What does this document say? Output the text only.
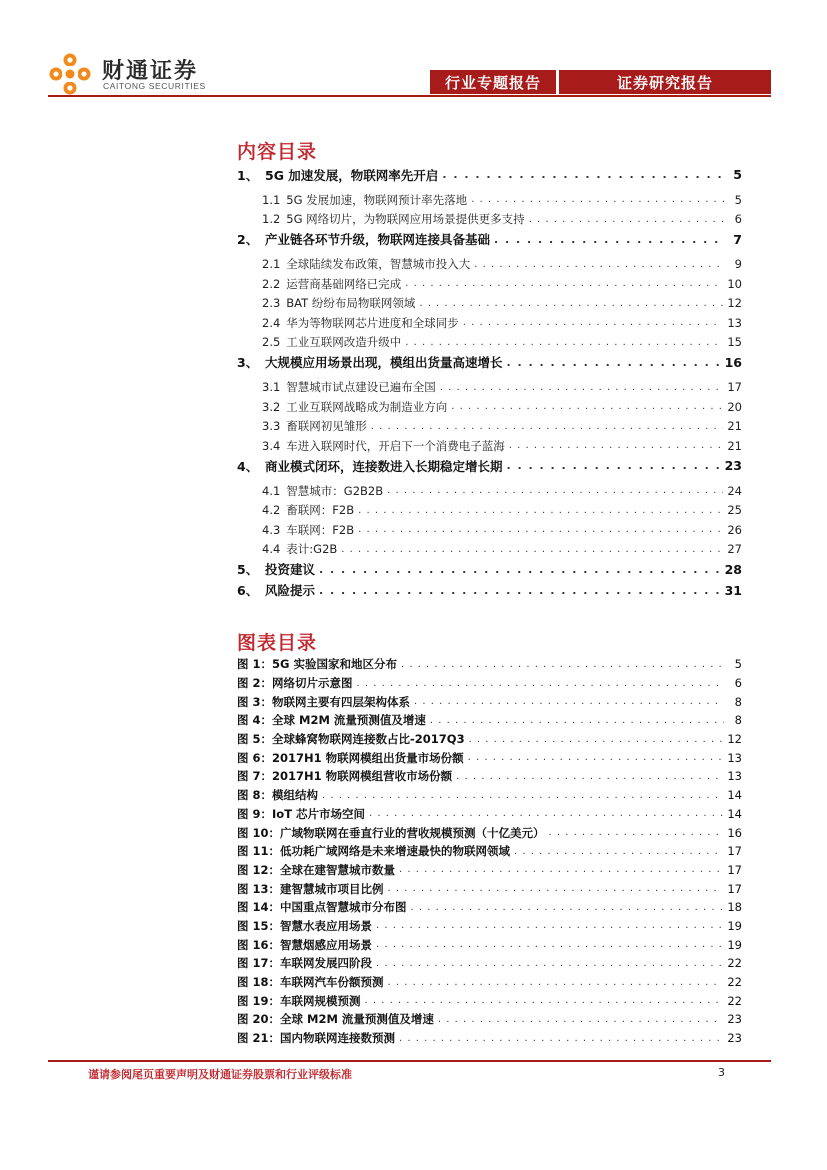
财通证券
CAITONG SECURITIES	行业专题报告	证券研究报告
内容目录
1、 5G 加速发展，物联网率先开启 . . .	5
1.1 5G 发展加速，物联网预计率先落地 . . .	5
1.2 5G 网络切片，为物联网应用场景提供更多支持 . . .	6
2、 产业链各环节升级，物联网连接具备基础 . . .	7
2.1 全球陆续发布政策，智慧城市投入大 . . .	9
2.2 运营商基础网络已完成 . . .	10
2.3 BAT 纷纷布局物联网领域 . . .	12
2.4 华为等物联网芯片进度和全球同步 . . .	13
2.5 工业互联网改造升级中 . . .	15
3、 大规模应用场景出现，模组出货量高速增长 . . .	16
3.1 智慧城市试点建设已遍布全国 . . .	17
3.2 工业互联网战略成为制造业方向 . . .	20
3.3 畜联网初见雏形 . . .	21
3.4 车进入联网时代，开启下一个消费电子蓝海 . . .	21
4、 商业模式闭环，连接数进入长期稳定增长期 . . .	23
4.1 智慧城市：G2B2B . . .	24
4.2 畜联网：F2B . . .	25
4.3 车联网：F2B . . .	26
4.4 表计:G2B . . .	27
5、 投资建议 . . .	28
6、 风险提示 . . .	31
图表目录
图 1： 5G 实验国家和地区分布 . . .	5
图 2： 网络切片示意图 . . .	6
图 3： 物联网主要有四层架构体系 . . .	8
图 4： 全球 M2M 流量预测值及增速 . . .	8
图 5： 全球蜂窝物联网连接数占比-2017Q3 . . .	12
图 6： 2017H1 物联网模组出货量市场份额 . . .	13
图 7： 2017H1 物联网模组营收市场份额 . . .	13
图 8： 模组结构 . . .	14
图 9： IoT 芯片市场空间 . . .	14
图 10： 广域物联网在垂直行业的营收规模预测（十亿美元） . . .	16
图 11： 低功耗广域网络是未来增速最快的物联网领域 . . .	17
图 12： 全球在建智慧城市数量 . . .	17
图 13： 建智慧城市项目比例 . . .	17
图 14： 中国重点智慧城市分布图 . . .	18
图 15： 智慧水表应用场景 . . .	19
图 16： 智慧烟感应用场景 . . .	19
图 17： 车联网发展四阶段 . . .	22
图 18： 车联网汽车份额预测 . . .	22
图 19： 车联网规模预测 . . .	22
图 20： 全球 M2M 流量预测值及增速 . . .	23
图 21： 国内物联网连接数预测 . . .	23
谨请参阅尾页重要声明及财通证券股票和行业评级标准	3
